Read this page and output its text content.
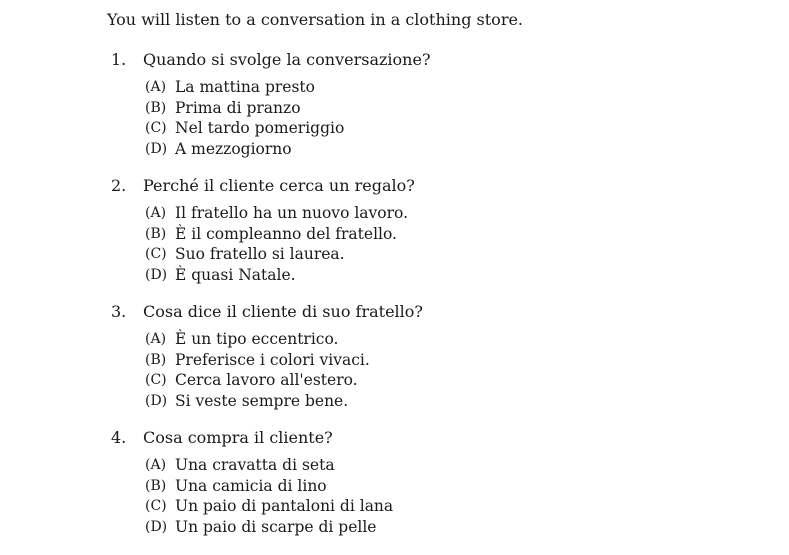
You will listen to a conversation in a clothing store.
1.	Quando si svolge la conversazione?
(A) La mattina presto
(B) Prima di pranzo
(C) Nel tardo pomeriggio
(D) A mezzogiorno
2.	Perché il cliente cerca un regalo?
(A) Il fratello ha un nuovo lavoro.
(B) È il compleanno del fratello.
(C) Suo fratello si laurea.
(D) È quasi Natale.
3.	Cosa dice il cliente di suo fratello?
(A) È un tipo eccentrico.
(B) Preferisce i colori vivaci.
(C) Cerca lavoro all'estero.
(D) Si veste sempre bene.
4.	Cosa compra il cliente?
(A) Una cravatta di seta
(B) Una camicia di lino
(C) Un paio di pantaloni di lana
(D) Un paio di scarpe di pelle
